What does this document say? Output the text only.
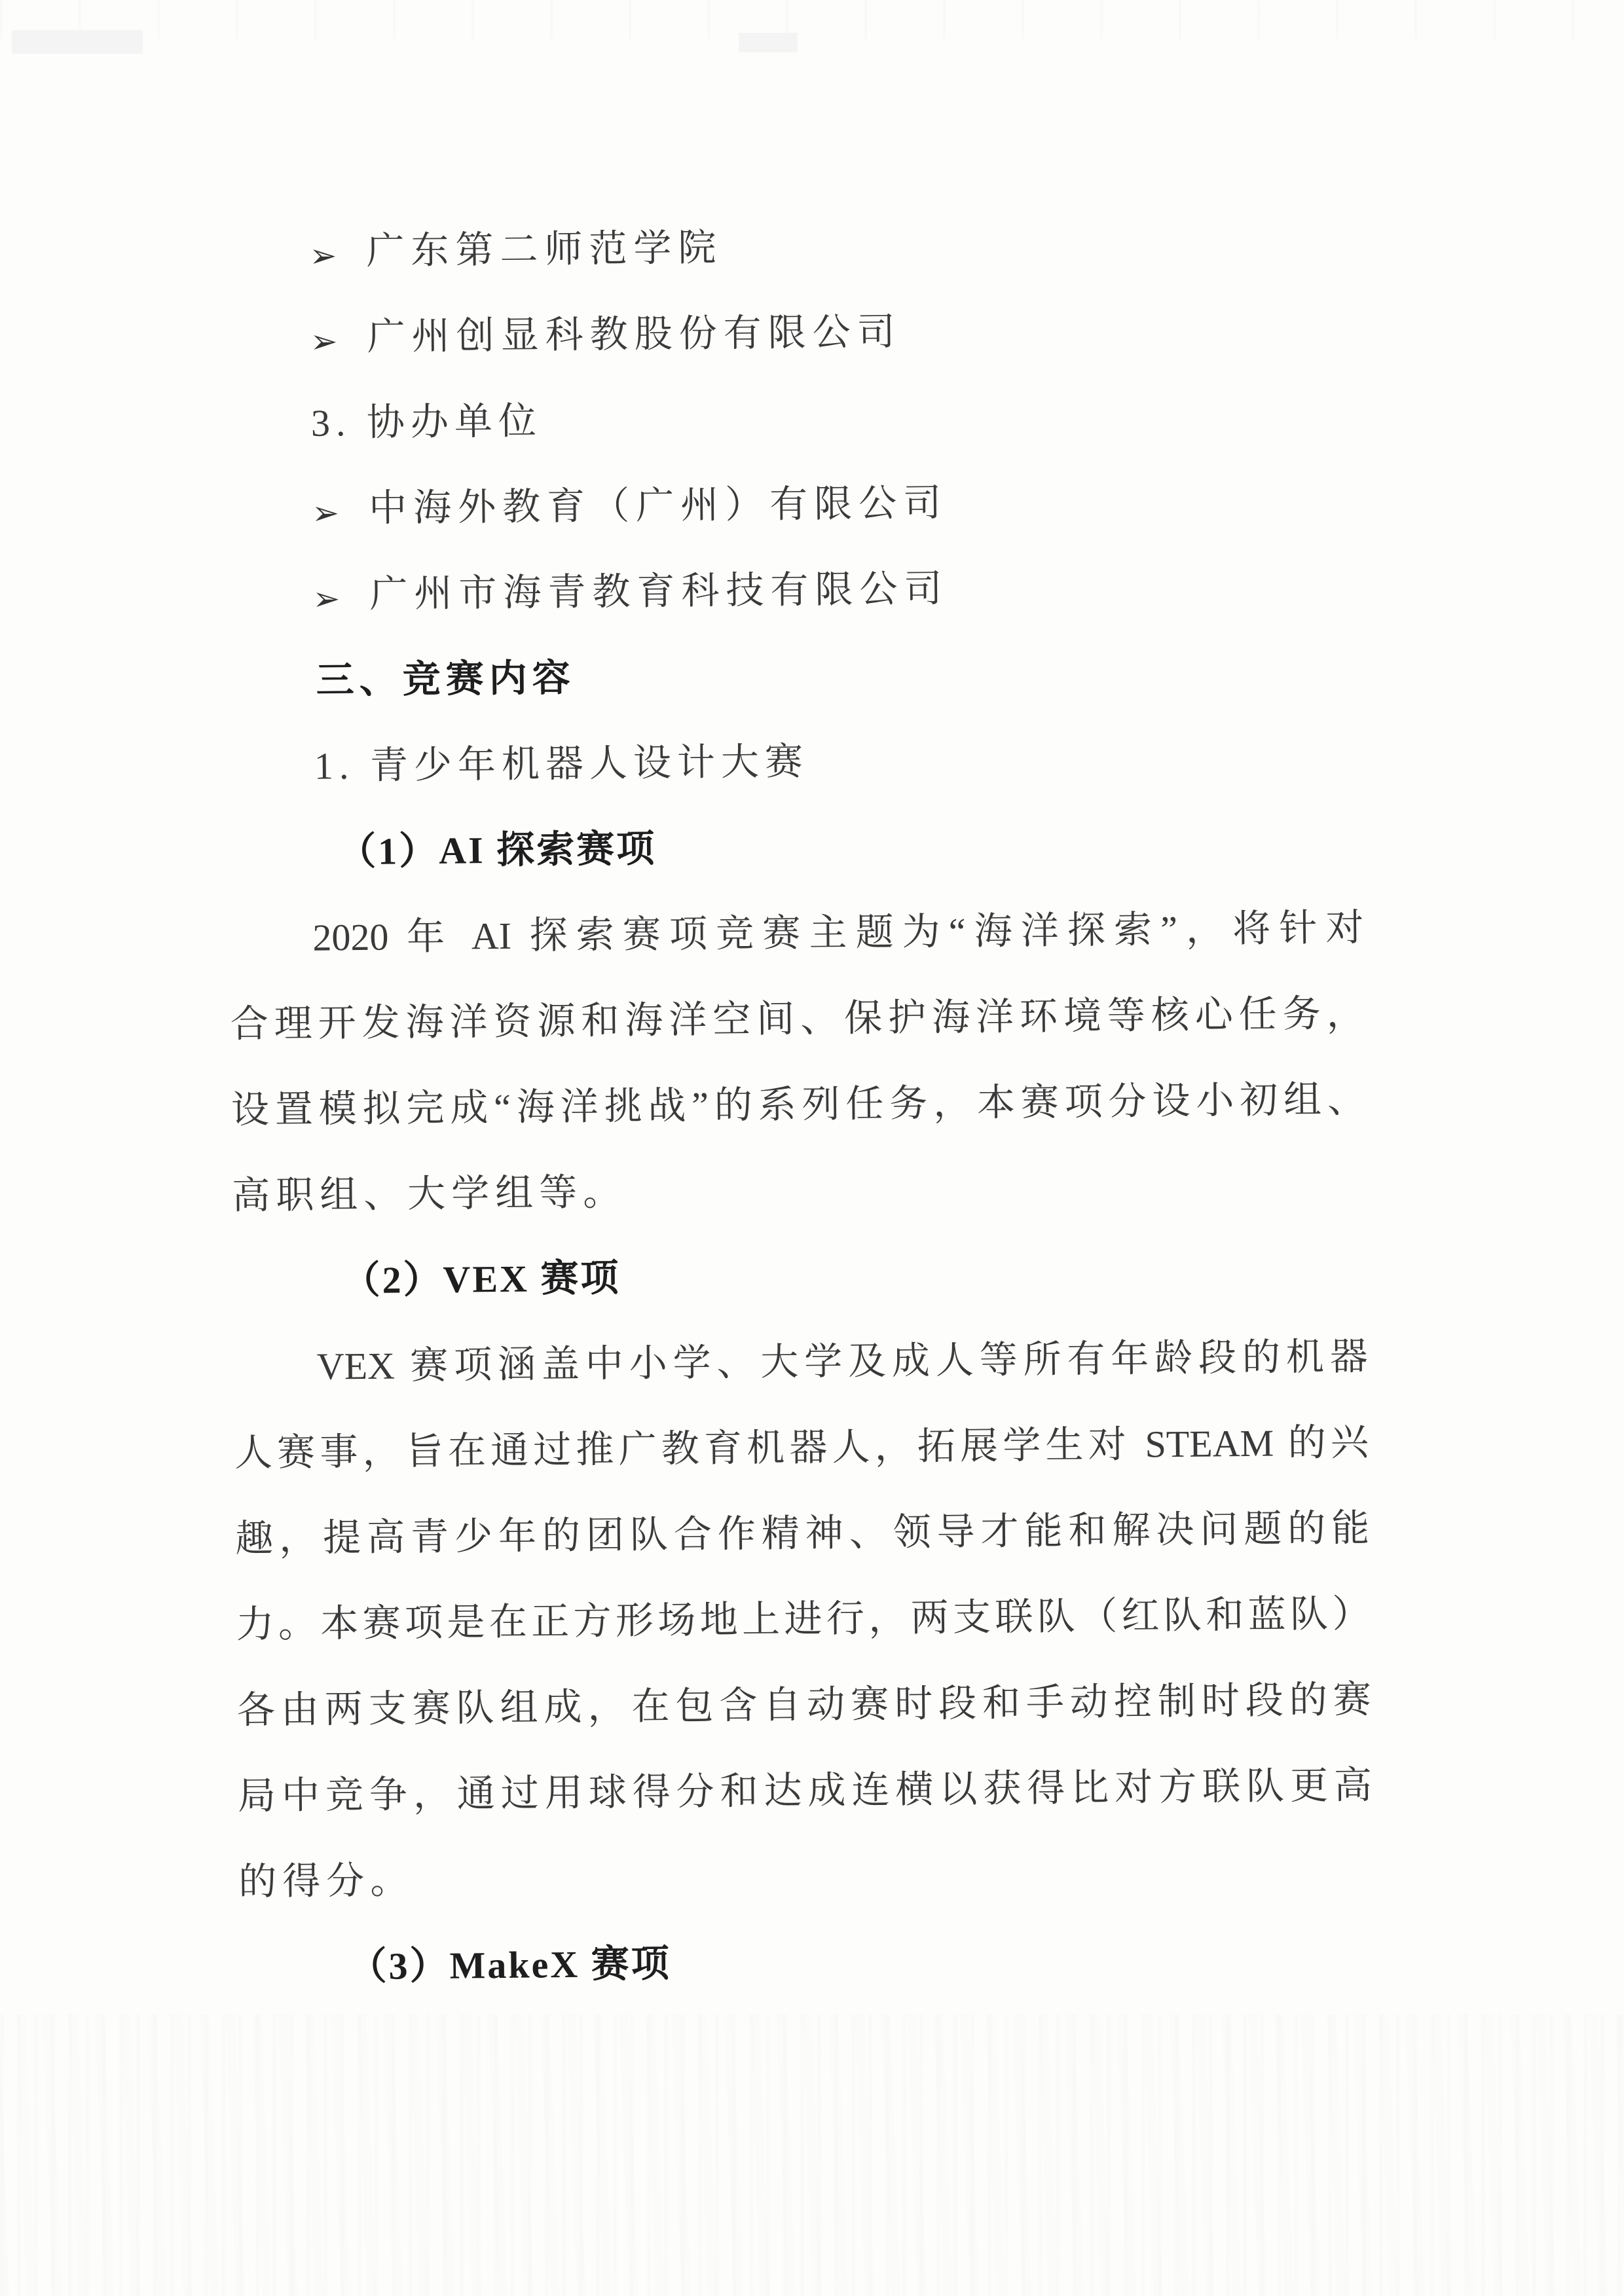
➢ 广东第二师范学院
➢ 广州创显科教股份有限公司
3. 协办单位
➢ 中海外教育（广州）有限公司
➢ 广州市海青教育科技有限公司
三、竞赛内容
1. 青少年机器人设计大赛
（1）AI 探索赛项
2020 年 AI 探索赛项竞赛主题为“海洋探索”，将针对
合理开发海洋资源和海洋空间、保护海洋环境等核心任务，
设置模拟完成“海洋挑战”的系列任务，本赛项分设小初组、
高职组、大学组等。
（2）VEX 赛项
VEX 赛项涵盖中小学、大学及成人等所有年龄段的机器
人赛事，旨在通过推广教育机器人，拓展学生对 STEAM 的兴
趣，提高青少年的团队合作精神、领导才能和解决问题的能
力。本赛项是在正方形场地上进行，两支联队（红队和蓝队）
各由两支赛队组成，在包含自动赛时段和手动控制时段的赛
局中竞争，通过用球得分和达成连横以获得比对方联队更高
的得分。
（3）MakeX 赛项
